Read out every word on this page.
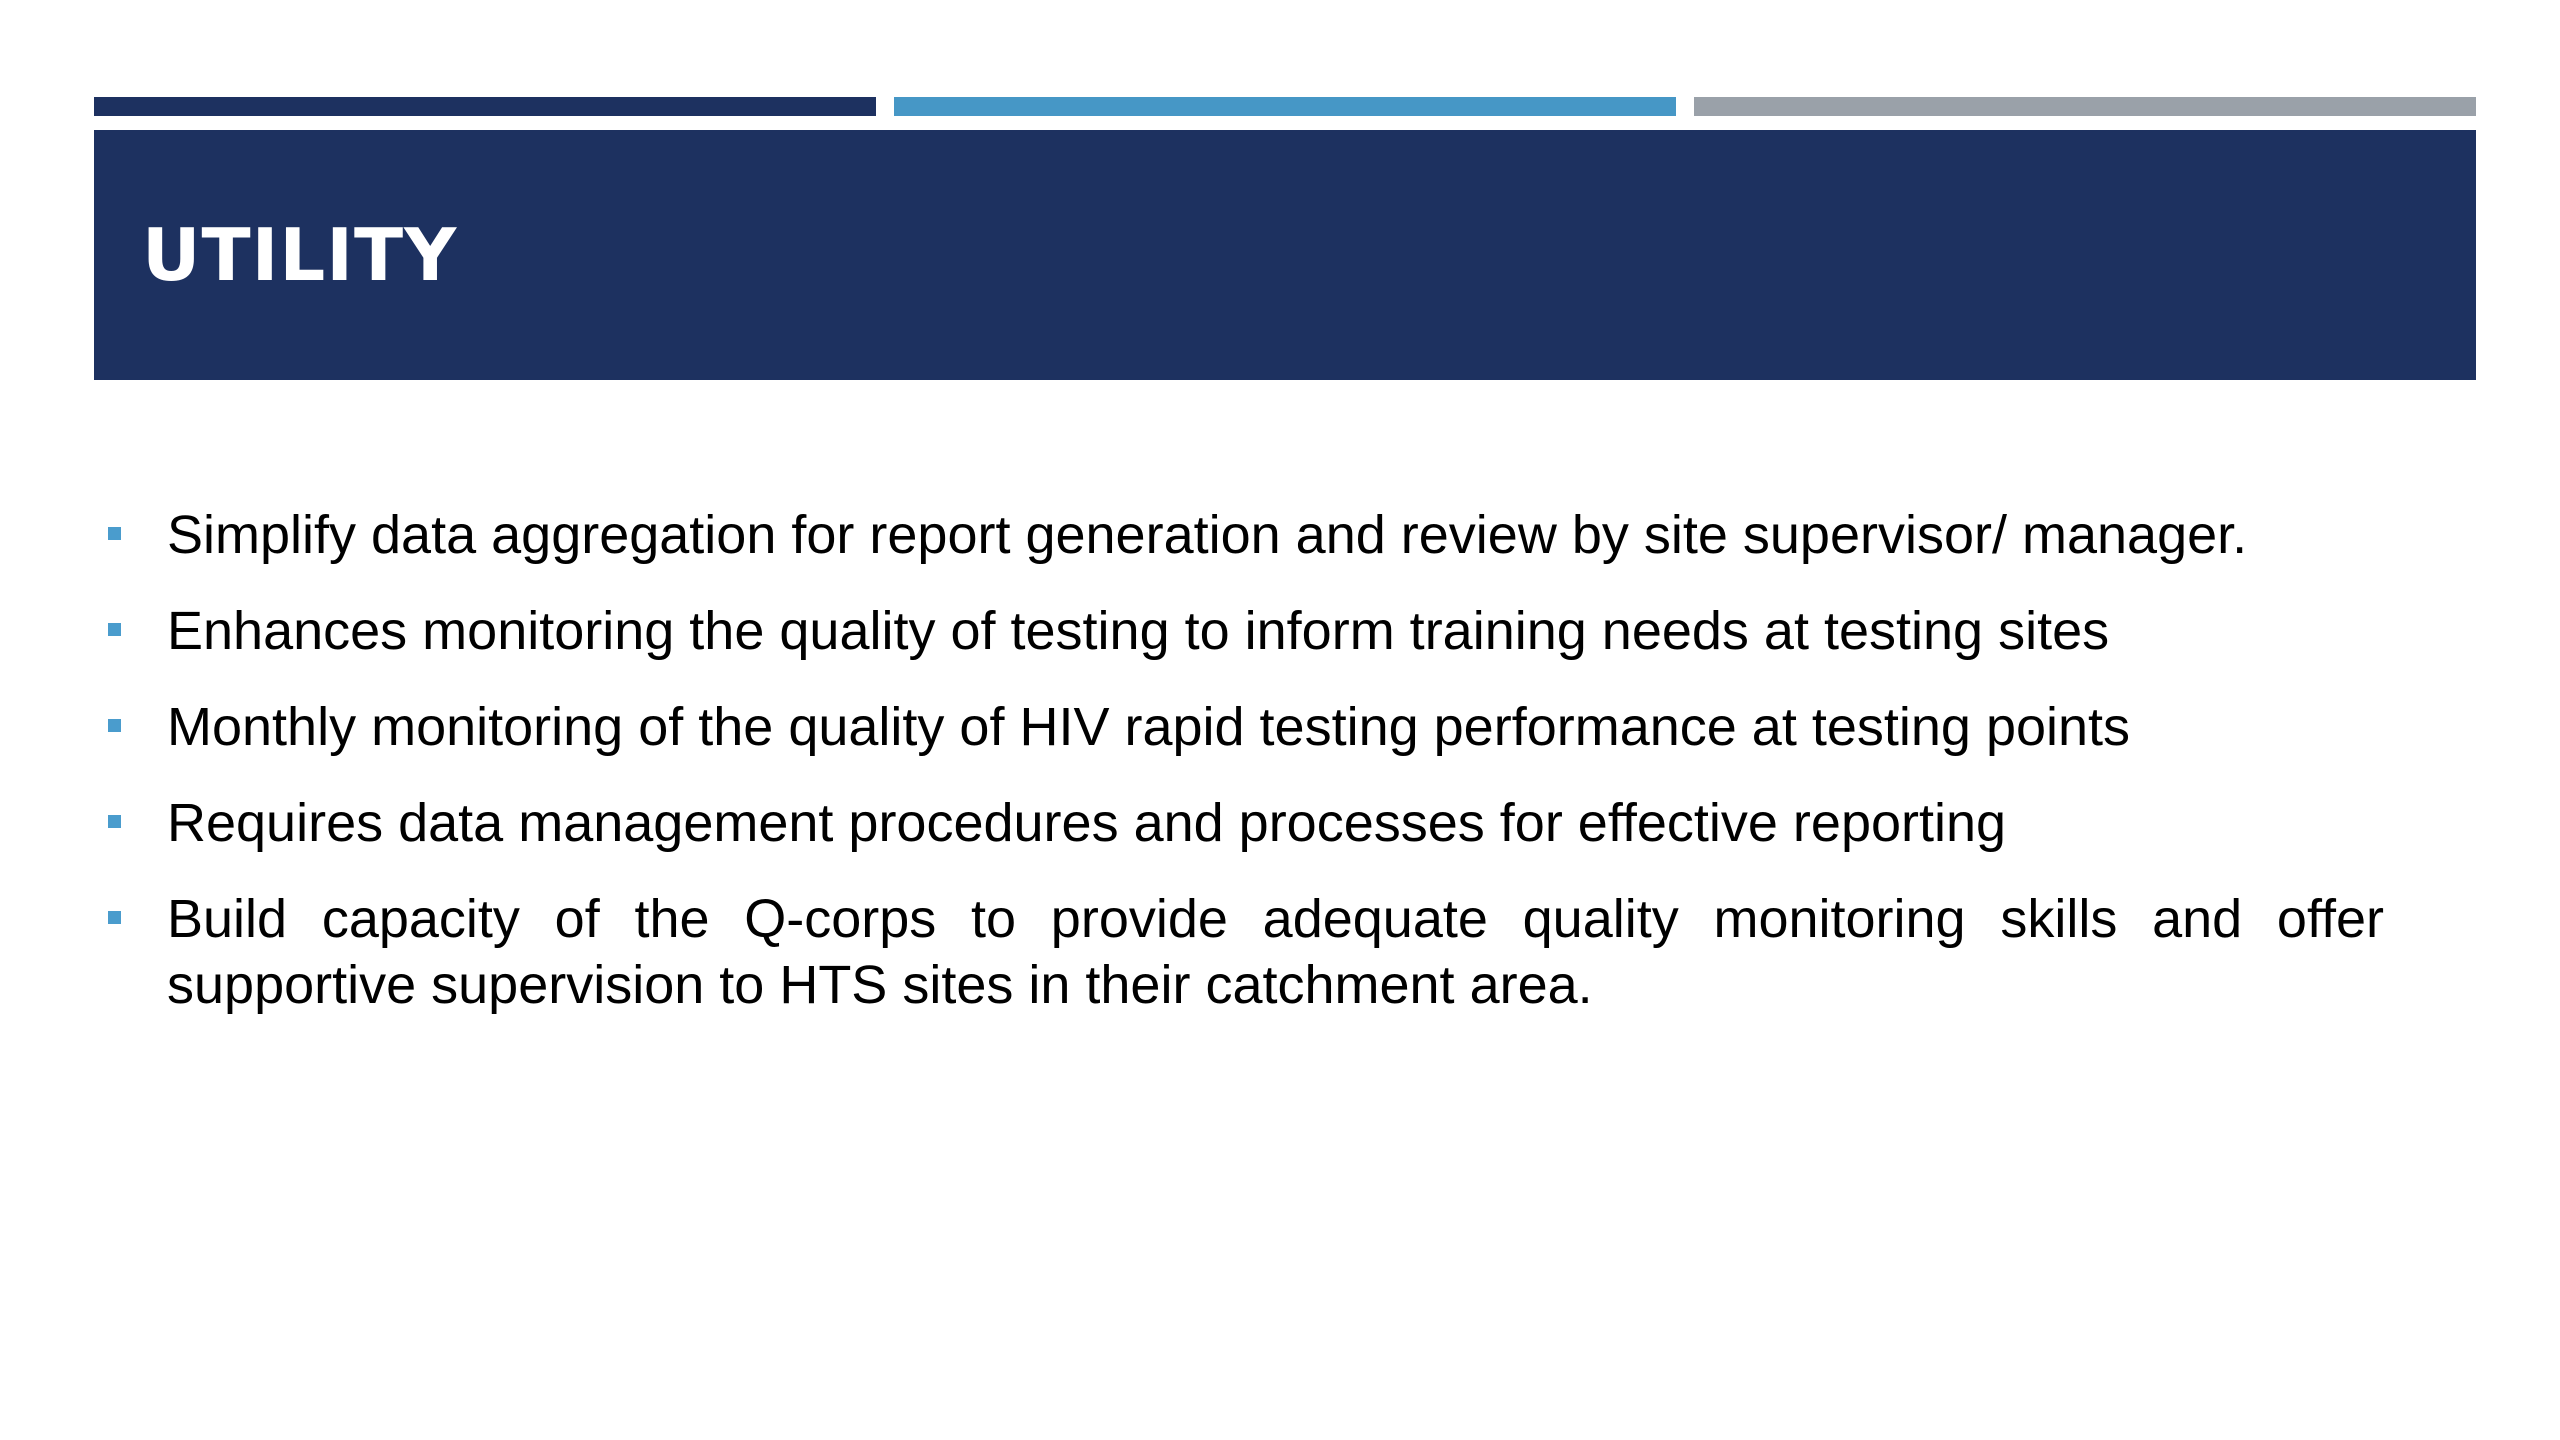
UTILITY
Simplify data aggregation for report generation and review by site supervisor/ manager.
Enhances monitoring the quality of testing to inform training needs at testing sites
Monthly monitoring of the quality of HIV rapid testing performance at testing points
Requires data management procedures and processes for effective reporting
Build capacity of the Q-corps to provide adequate quality monitoring skills and offer supportive supervision to HTS sites in their catchment area.
